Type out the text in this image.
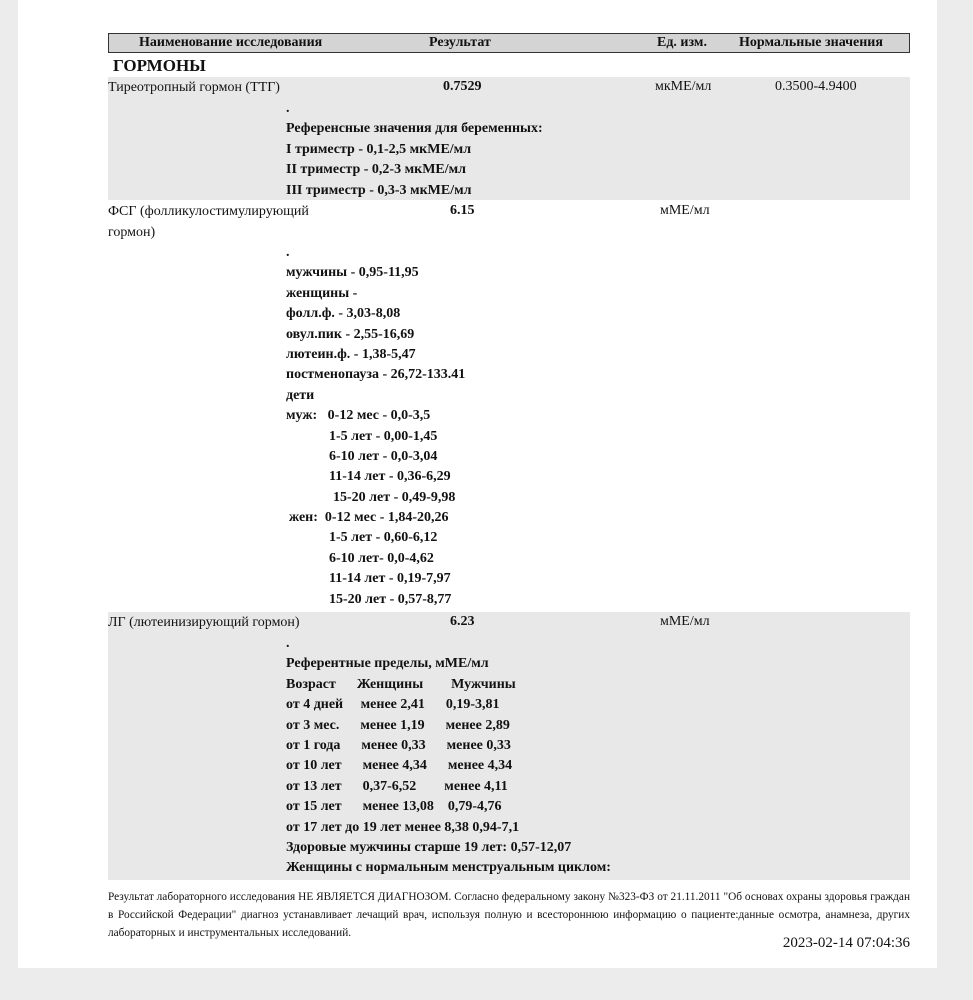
Наименование исследования	Результат	Ед. изм. Нормальные значения
ГОРМОНЫ
Тиреотропный гормон (ТТГ)	0.7529	мкМЕ/мл	0.3500-4.9400
.
Референсные значения для беременных:
I триместр - 0,1-2,5 мкМЕ/мл
II триместр - 0,2-3 мкМЕ/мл
III триместр - 0,3-3 мкМЕ/мл
ФСГ (фолликулостимулирующий
гормон)
6.15	мМЕ/мл
.
мужчины - 0,95-11,95
женщины -
фолл.ф. - 3,03-8,08
овул.пик - 2,55-16,69
лютеин.ф. - 1,38-5,47
постменопауза - 26,72-133.41
дети
муж:   0-12 мес - 0,0-3,5
1-5 лет - 0,00-1,45
6-10 лет - 0,0-3,04
11-14 лет - 0,36-6,29
15-20 лет - 0,49-9,98
жен:  0-12 мес - 1,84-20,26
1-5 лет - 0,60-6,12
6-10 лет- 0,0-4,62
11-14 лет - 0,19-7,97
15-20 лет - 0,57-8,77
ЛГ (лютеинизирующий гормон)	6.23	мМЕ/мл
.
Референтные пределы, мМЕ/мл
Возраст      Женщины        Мужчины
от 4 дней     менее 2,41      0,19-3,81
от 3 мес.      менее 1,19      менее 2,89
от 1 года      менее 0,33      менее 0,33
от 10 лет      менее 4,34      менее 4,34
от 13 лет      0,37-6,52        менее 4,11
от 15 лет      менее 13,08    0,79-4,76
от 17 лет до 19 лет менее 8,38 0,94-7,1
Здоровые мужчины старше 19 лет: 0,57-12,07
Женщины с нормальным менструальным циклом:
Результат лабораторного исследования НЕ ЯВЛЯЕТСЯ ДИАГНОЗОМ. Согласно федеральному закону №323-ФЗ от 21.11.2011 "Об основах охраны здоровья граждан в Российской Федерации" диагноз устанавливает лечащий врач, используя полную и всестороннюю информацию о пациенте:данные осмотра, анамнеза, других лабораторных и инструментальных исследований.
2023-02-14 07:04:36
